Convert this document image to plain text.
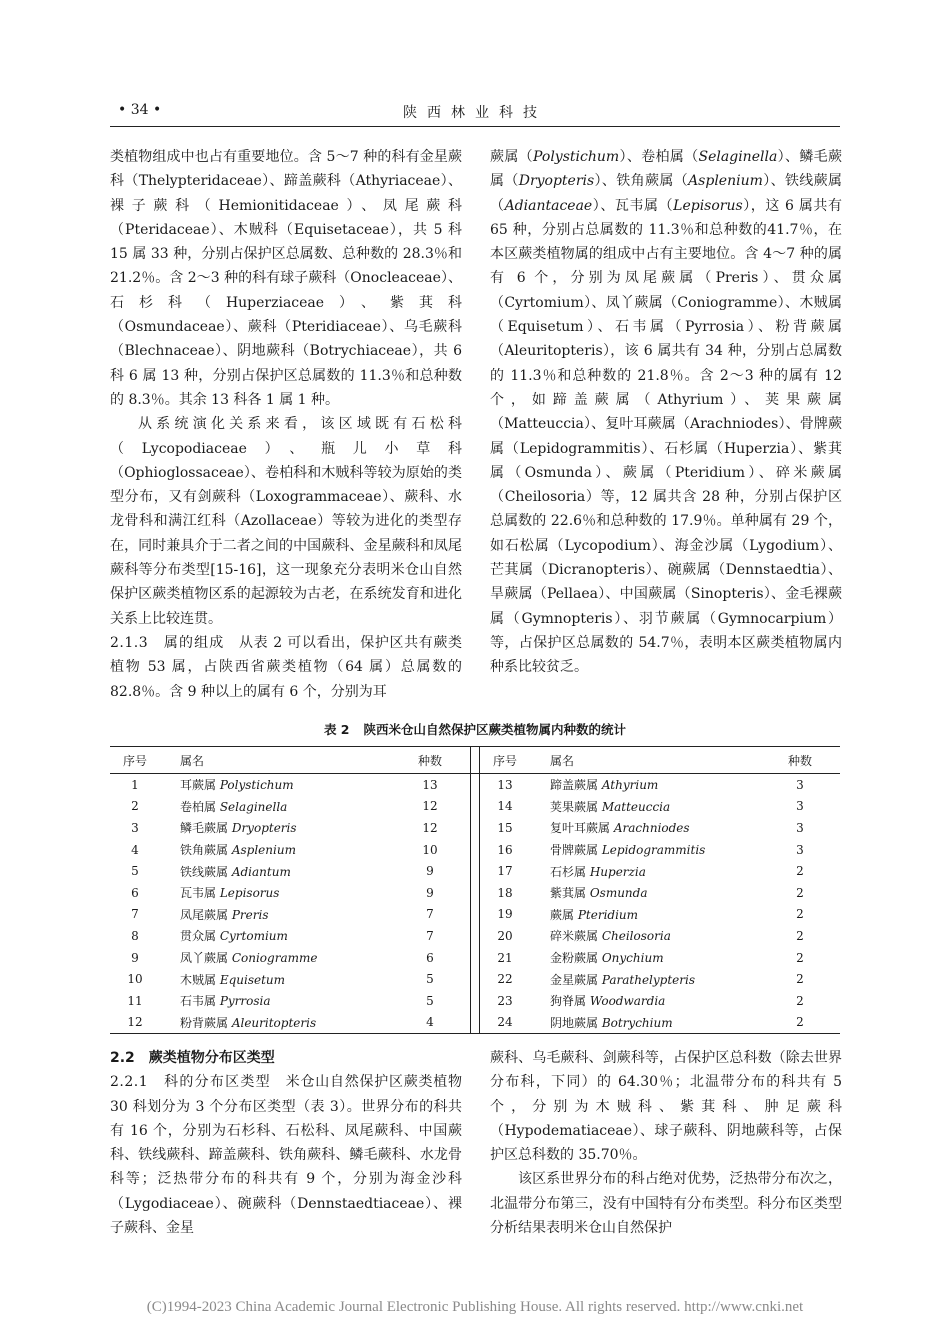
• 34 •	陕西林业科技

类植物组成中也占有重要地位。含 5～7 种的科有金星蕨科（Thelypteridaceae）、蹄盖蕨科（Athyriaceae）、裸子蕨科（Hemionitidaceae）、凤尾蕨科（Pteridaceae）、木贼科（Equisetaceae），共 5 科 15 属 33 种，分别占保护区总属数、总种数的 28.3％和 21.2％。含 2～3 种的科有球子蕨科（Onocleaceae）、石杉科（Huperziaceae）、紫萁科（Osmundaceae）、蕨科（Pteridiaceae）、乌毛蕨科（Blechnaceae）、阴地蕨科（Botrychiaceae），共 6 科 6 属 13 种，分别占保护区总属数的 11.3％和总种数的 8.3％。其余 13 科各 1 属 1 种。

从系统演化关系来看，该区域既有石松科（Lycopodiaceae）、瓶儿小草科（Ophioglossaceae）、卷柏科和木贼科等较为原始的类型分布，又有剑蕨科（Loxogrammaceae）、蕨科、水龙骨科和满江红科（Azollaceae）等较为进化的类型存在，同时兼具介于二者之间的中国蕨科、金星蕨科和凤尾蕨科等分布类型[15-16]，这一现象充分表明米仓山自然保护区蕨类植物区系的起源较为古老，在系统发育和进化关系上比较连贯。

2.1.3　属的组成　 从表 2 可以看出，保护区共有蕨类植物 53 属，占陕西省蕨类植物（64 属）总属数的 82.8％。含 9 种以上的属有 6 个，分别为耳

蕨属（Polystichum）、卷柏属（Selaginella）、鳞毛蕨属（Dryopteris）、铁角蕨属（Asplenium）、铁线蕨属（Adiantaceae）、瓦韦属（Lepisorus），这 6 属共有 65 种，分别占总属数的 11.3％和总种数的41.7％，在本区蕨类植物属的组成中占有主要地位。含 4～7 种的属有 6 个，分别为凤尾蕨属（Preris）、贯众属（Cyrtomium）、凤丫蕨属（Coniogramme）、木贼属（Equisetum）、石韦属（Pyrrosia）、粉背蕨属（Aleuritopteris），该 6 属共有 34 种，分别占总属数的 11.3％和总种数的 21.8％。含 2～3 种的属有 12 个，如蹄盖蕨属（Athyrium）、荚果蕨属（Matteuccia）、复叶耳蕨属（Arachniodes）、骨牌蕨属（Lepidogrammitis）、石杉属（Huperzia）、紫萁属（Osmunda）、蕨属（Pteridium）、碎米蕨属（Cheilosoria）等，12 属共含 28 种，分别占保护区总属数的 22.6％和总种数的 17.9％。单种属有 29 个，如石松属（Lycopodium）、海金沙属（Lygodium）、芒萁属（Dicranopteris）、碗蕨属（Dennstaedtia）、旱蕨属（Pellaea）、中国蕨属（Sinopteris）、金毛裸蕨属（Gymnopteris）、羽节蕨属（Gymnocarpium）等，占保护区总属数的 54.7％，表明本区蕨类植物属内种系比较贫乏。

表 2 陕西米仓山自然保护区蕨类植物属内种数的统计
序号	属名	种数		序号	属名	种数
1	耳蕨属 Polystichum	13		13	蹄盖蕨属 Athyrium	3
2	卷柏属 Selaginella	12		14	荚果蕨属 Matteuccia	3
3	鳞毛蕨属 Dryopteris	12		15	复叶耳蕨属 Arachniodes	3
4	铁角蕨属 Asplenium	10		16	骨牌蕨属 Lepidogrammitis	3
5	铁线蕨属 Adiantum	9		17	石杉属 Huperzia	2
6	瓦韦属 Lepisorus	9		18	紫萁属 Osmunda	2
7	凤尾蕨属 Preris	7		19	蕨属 Pteridium	2
8	贯众属 Cyrtomium	7		20	碎米蕨属 Cheilosoria	2
9	凤丫蕨属 Coniogramme	6		21	金粉蕨属 Onychium	2
10	木贼属 Equisetum	5		22	金星蕨属 Parathelypteris	2
11	石韦属 Pyrrosia	5		23	狗脊属 Woodwardia	2
12	粉背蕨属 Aleuritopteris	4		24	阴地蕨属 Botrychium	2

2.2　蕨类植物分布区类型

2.2.1　科的分布区类型　 米仓山自然保护区蕨类植物 30 科划分为 3 个分布区类型（表 3）。世界分布的科共有 16 个，分别为石杉科、石松科、凤尾蕨科、中国蕨科、铁线蕨科、蹄盖蕨科、铁角蕨科、鳞毛蕨科、水龙骨科等；泛热带分布的科共有 9 个，分别为海金沙科（Lygodiaceae）、碗蕨科（Dennstaedtiaceae）、裸子蕨科、金星

蕨科、乌毛蕨科、剑蕨科等，占保护区总科数（除去世界分布科，下同）的 64.30％；北温带分布的科共有 5 个，分别为木贼科、紫萁科、肿足蕨科（Hypodematiaceae）、球子蕨科、阴地蕨科等，占保护区总科数的 35.70％。

该区系世界分布的科占绝对优势，泛热带分布次之，北温带分布第三，没有中国特有分布类型。科分布区类型分析结果表明米仓山自然保护

(C)1994-2023 China Academic Journal Electronic Publishing House. All rights reserved. http://www.cnki.net
